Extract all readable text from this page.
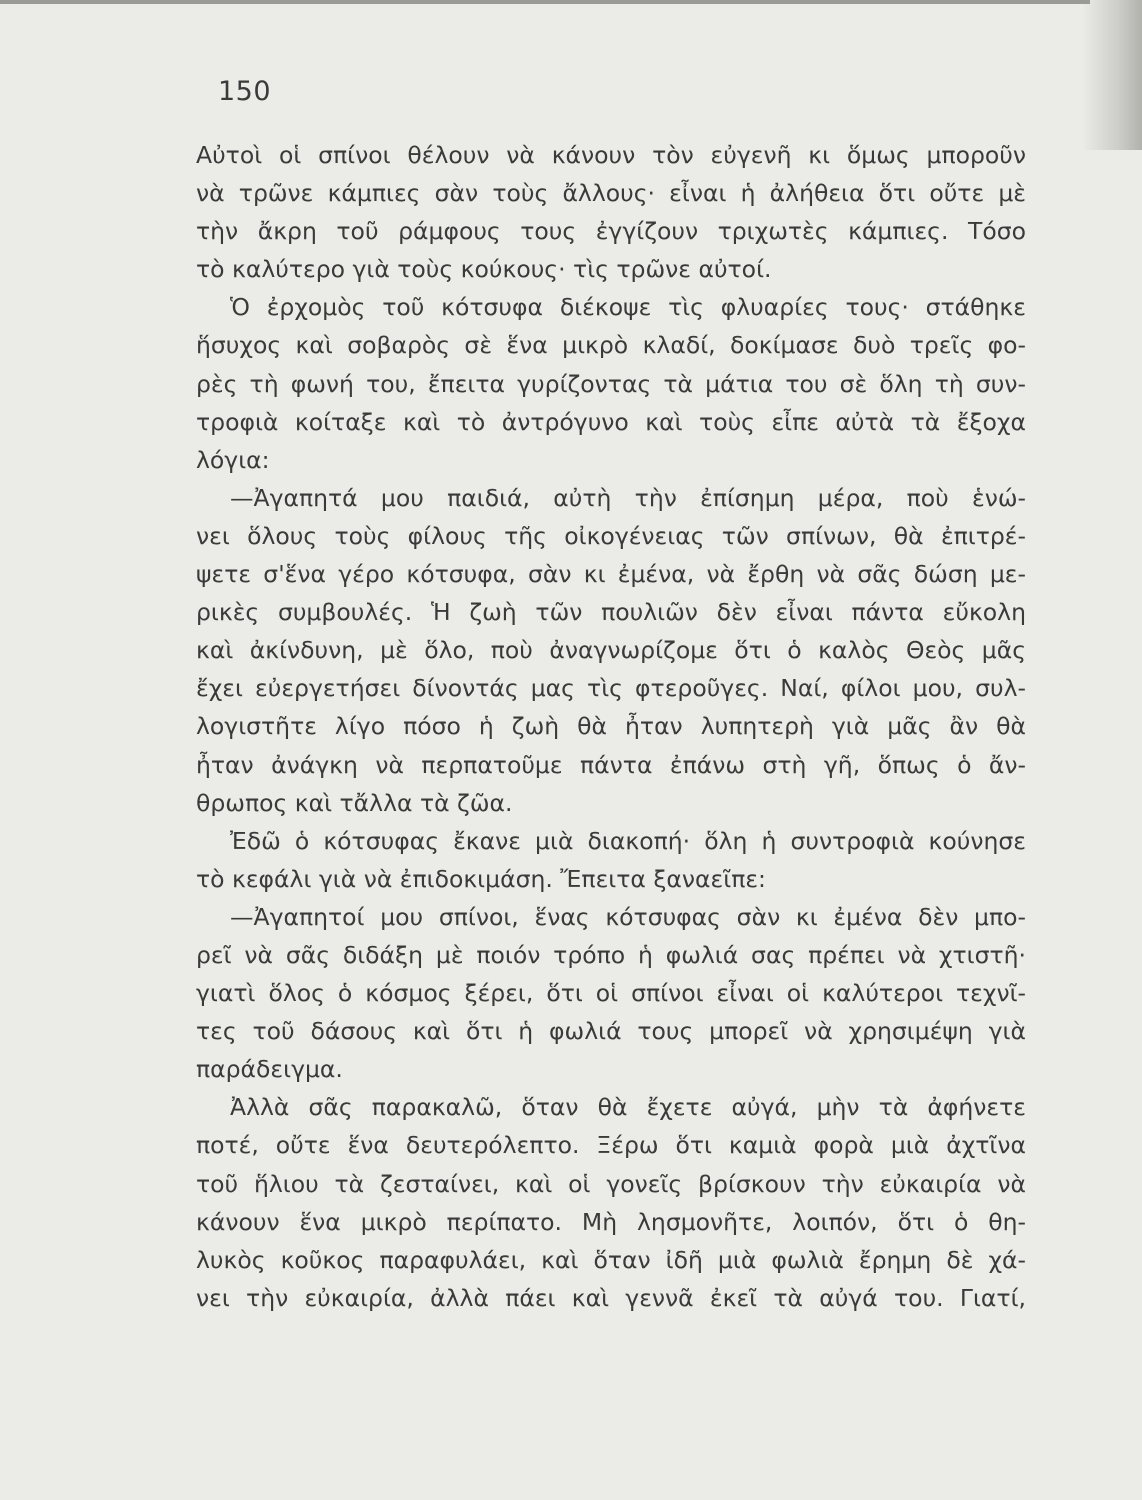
150
Αὐτοὶ οἱ σπίνοι θέλουν νὰ κάνουν τὸν εὐγενῆ κι ὅμως μποροῦν
νὰ τρῶνε κάμπιες σὰν τοὺς ἄλλους· εἶναι ἡ ἀλήθεια ὅτι οὔτε μὲ
τὴν ἄκρη τοῦ ράμφους τους ἐγγίζουν τριχωτὲς κάμπιες. Τόσο
τὸ καλύτερο γιὰ τοὺς κούκους· τὶς τρῶνε αὐτοί.
Ὁ ἐρχομὸς τοῦ κότσυφα διέκοψε τὶς φλυαρίες τους· στάθηκε
ἥσυχος καὶ σοβαρὸς σὲ ἕνα μικρὸ κλαδί, δοκίμασε δυὸ τρεῖς φο-
ρὲς τὴ φωνή του, ἔπειτα γυρίζοντας τὰ μάτια του σὲ ὅλη τὴ συν-
τροφιὰ κοίταξε καὶ τὸ ἀντρόγυνο καὶ τοὺς εἶπε αὐτὰ τὰ ἔξοχα
λόγια:
—Ἀγαπητά μου παιδιά, αὐτὴ τὴν ἐπίσημη μέρα, ποὺ ἑνώ-
νει ὅλους τοὺς φίλους τῆς οἰκογένειας τῶν σπίνων, θὰ ἐπιτρέ-
ψετε σ'ἕνα γέρο κότσυφα, σὰν κι ἐμένα, νὰ ἔρθη νὰ σᾶς δώση με-
ρικὲς συμβουλές. Ἡ ζωὴ τῶν πουλιῶν δὲν εἶναι πάντα εὔκολη
καὶ ἀκίνδυνη, μὲ ὅλο, ποὺ ἀναγνωρίζομε ὅτι ὁ καλὸς Θεὸς μᾶς
ἔχει εὐεργετήσει δίνοντάς μας τὶς φτεροῦγες. Ναί, φίλοι μου, συλ-
λογιστῆτε λίγο πόσο ἡ ζωὴ θὰ ἦταν λυπητερὴ γιὰ μᾶς ἂν θὰ
ἦταν ἀνάγκη νὰ περπατοῦμε πάντα ἐπάνω στὴ γῆ, ὅπως ὁ ἄν-
θρωπος καὶ τἄλλα τὰ ζῶα.
Ἐδῶ ὁ κότσυφας ἔκανε μιὰ διακοπή· ὅλη ἡ συντροφιὰ κούνησε
τὸ κεφάλι γιὰ νὰ ἐπιδοκιμάση. Ἔπειτα ξαναεῖπε:
—Ἀγαπητοί μου σπίνοι, ἕνας κότσυφας σὰν κι ἐμένα δὲν μπο-
ρεῖ νὰ σᾶς διδάξη μὲ ποιόν τρόπο ἡ φωλιά σας πρέπει νὰ χτιστῆ·
γιατὶ ὅλος ὁ κόσμος ξέρει, ὅτι οἱ σπίνοι εἶναι οἱ καλύτεροι τεχνῖ-
τες τοῦ δάσους καὶ ὅτι ἡ φωλιά τους μπορεῖ νὰ χρησιμέψη γιὰ
παράδειγμα.
Ἀλλὰ σᾶς παρακαλῶ, ὅταν θὰ ἔχετε αὐγά, μὴν τὰ ἀφήνετε
ποτέ, οὔτε ἕνα δευτερόλεπτο. Ξέρω ὅτι καμιὰ φορὰ μιὰ ἀχτῖνα
τοῦ ἥλιου τὰ ζεσταίνει, καὶ οἱ γονεῖς βρίσκουν τὴν εὐκαιρία νὰ
κάνουν ἕνα μικρὸ περίπατο. Μὴ λησμονῆτε, λοιπόν, ὅτι ὁ θη-
λυκὸς κοῦκος παραφυλάει, καὶ ὅταν ἰδῆ μιὰ φωλιὰ ἔρημη δὲ χά-
νει τὴν εὐκαιρία, ἀλλὰ πάει καὶ γεννᾶ ἐκεῖ τὰ αὐγά του. Γιατί,
